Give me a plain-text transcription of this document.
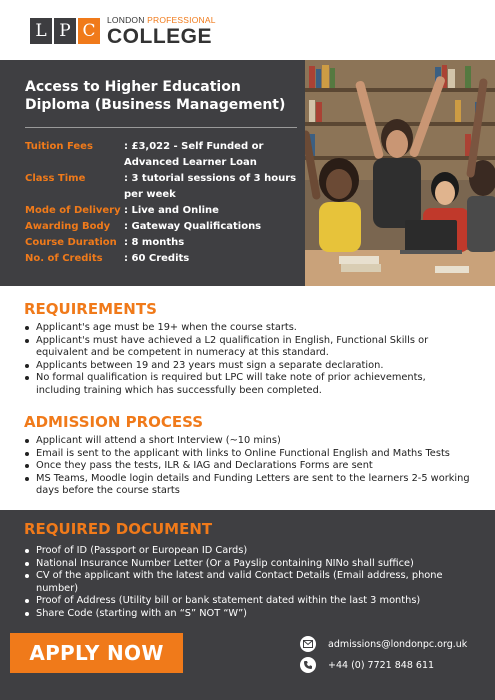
L P C
LONDON PROFESSIONAL
COLLEGE
Access to Higher Education Diploma (Business Management)
Tuition Fees	: £3,022 - Self Funded or Advanced Learner Loan
Class Time	: 3 tutorial sessions of 3 hours per week
Mode of Delivery : Live and Online
Awarding Body	: Gateway Qualifications
Course Duration : 8 months
No. of Credits	: 60 Credits
REQUIREMENTS
Applicant's age must be 19+ when the course starts.
Applicant's must have achieved a L2 qualification in English, Functional Skills or equivalent and be competent in numeracy at this standard.
Applicants between 19 and 23 years must sign a separate declaration.
No formal qualification is required but LPC will take note of prior achievements, including training which has successfully been completed.
ADMISSION PROCESS
Applicant will attend a short Interview (~10 mins)
Email is sent to the applicant with links to Online Functional English and Maths Tests
Once they pass the tests, ILR & IAG and Declarations Forms are sent
MS Teams, Moodle login details and Funding Letters are sent to the learners 2-5 working days before the course starts
REQUIRED DOCUMENT
Proof of ID (Passport or European ID Cards)
National Insurance Number Letter (Or a Payslip containing NINo shall suffice)
CV of the applicant with the latest and valid Contact Details (Email address, phone number)
Proof of Address (Utility bill or bank statement dated within the last 3 months)
Share Code (starting with an “S” NOT “W”)
APPLY NOW	admissions@londonpc.org.uk
+44 (0) 7721 848 611
